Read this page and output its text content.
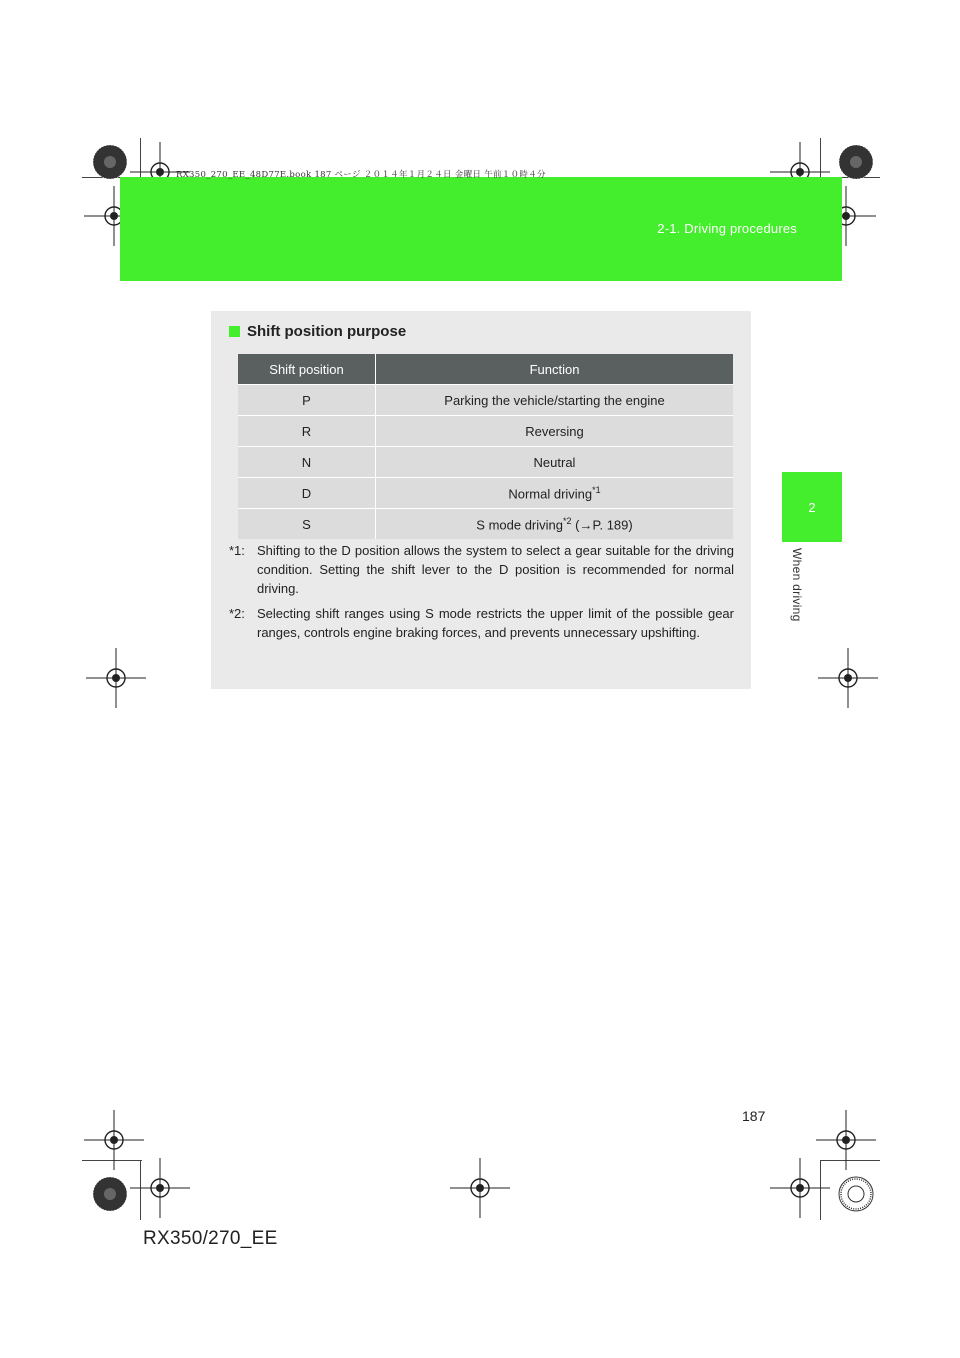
2-1. Driving procedures
RX350_270_EE_48D77E.book 187 ページ ２０１４年１月２４日 金曜日 午前１０時４分
2
When driving
Shift position purpose
Shift position	Function
P	Parking the vehicle/starting the engine
R	Reversing
N	Neutral
D	Normal driving$^{*1}$
S	S mode driving$^{*2}$ (→P. 189)
*1: Shifting to the D position allows the system to select a gear suitable for the driving condition. Setting the shift lever to the D position is recommended for normal driving.
*2: Selecting shift ranges using S mode restricts the upper limit of the possible gear ranges, controls engine braking forces, and prevents unnecessary upshifting.
187
RX350/270_EE
